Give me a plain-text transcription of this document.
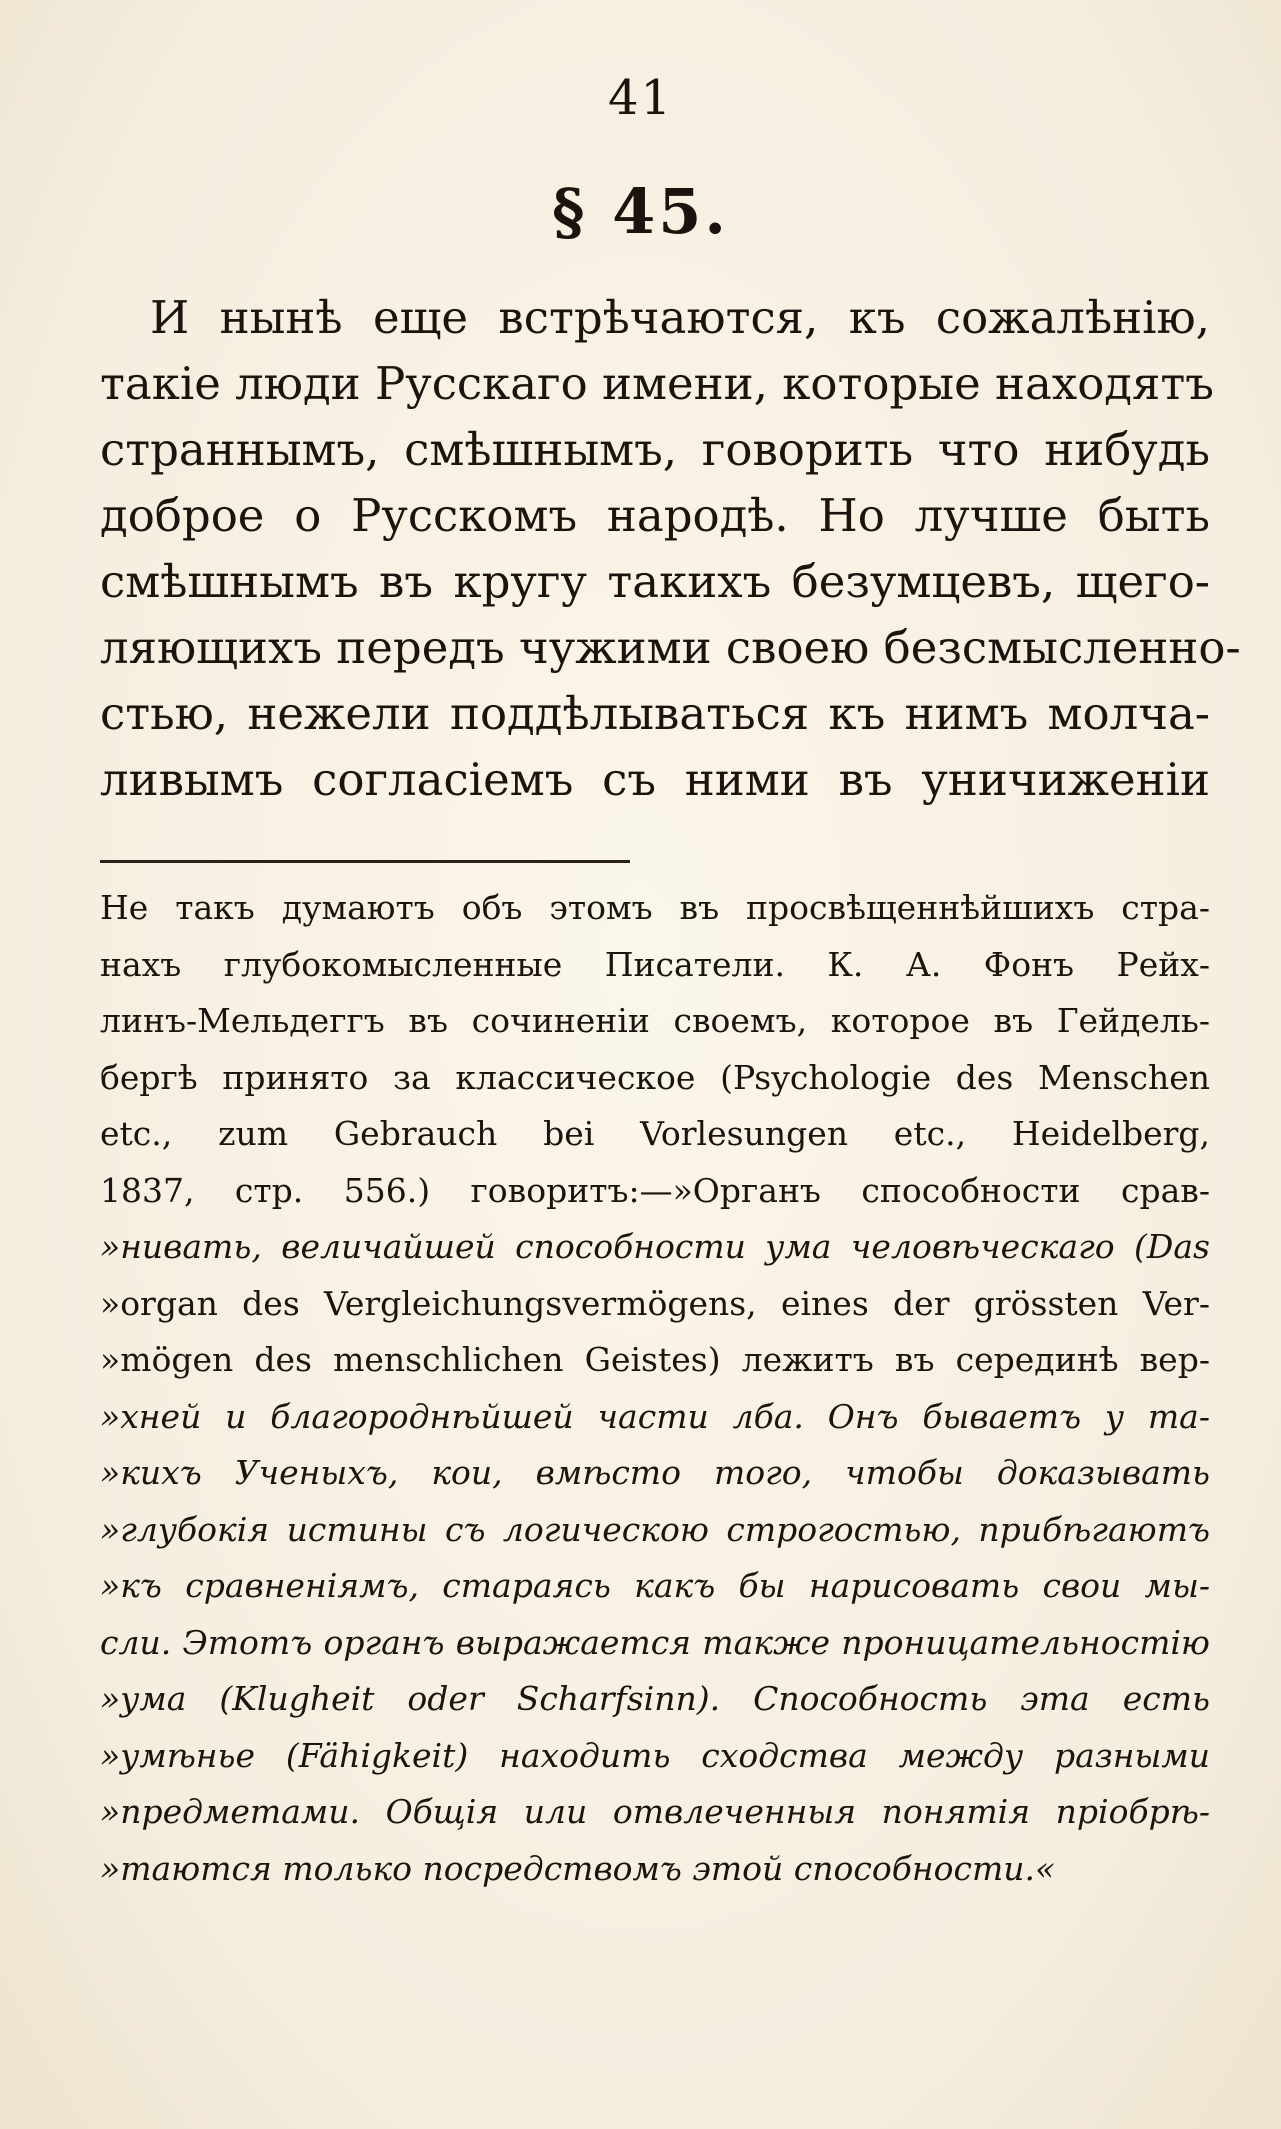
41
§ 45.
И нынѣ еще встрѣчаются, къ сожалѣнію,
такіе люди Русскаго имени, которые находятъ
страннымъ, смѣшнымъ, говорить что нибудь
доброе о Русскомъ народѣ. Но лучше быть
смѣшнымъ въ кругу такихъ безумцевъ, щего-
ляющихъ передъ чужими своею безсмысленно-
стью, нежели поддѣлываться къ нимъ молча-
ливымъ согласіемъ съ ними въ уничиженіи
Не такъ думаютъ объ этомъ въ просвѣщеннѣйшихъ стра-
нахъ глубокомысленные Писатели. К. А. Фонъ Рейх-
линъ-Мельдеггъ въ сочиненіи своемъ, которое въ Гейдель-
бергѣ принято за классическое (Psychologie des Menschen
etc., zum Gebrauch bei Vorlesungen etc., Heidelberg,
1837, стр. 556.) говоритъ:—»Органъ способности срав-
»нивать, величайшей способности ума человѣческаго (Das
»organ des Vergleichungsvermögens, eines der grössten Ver-
»mögen des menschlichen Geistes) лежитъ въ серединѣ вер-
»хней и благороднѣйшей части лба. Онъ бываетъ у та-
»кихъ Ученыхъ, кои, вмѣсто того, чтобы доказывать
»глубокія истины съ логическою строгостью, прибѣгаютъ
»къ сравненіямъ, стараясь какъ бы нарисовать свои мы-
сли. Этотъ органъ выражается также проницательностію
»ума (Klugheit oder Scharfsinn). Способность эта есть
»умѣнье (Fähigkeit) находить сходства между разными
»предметами. Общія или отвлеченныя понятія пріобрѣ-
»таются только посредствомъ этой способности.«
